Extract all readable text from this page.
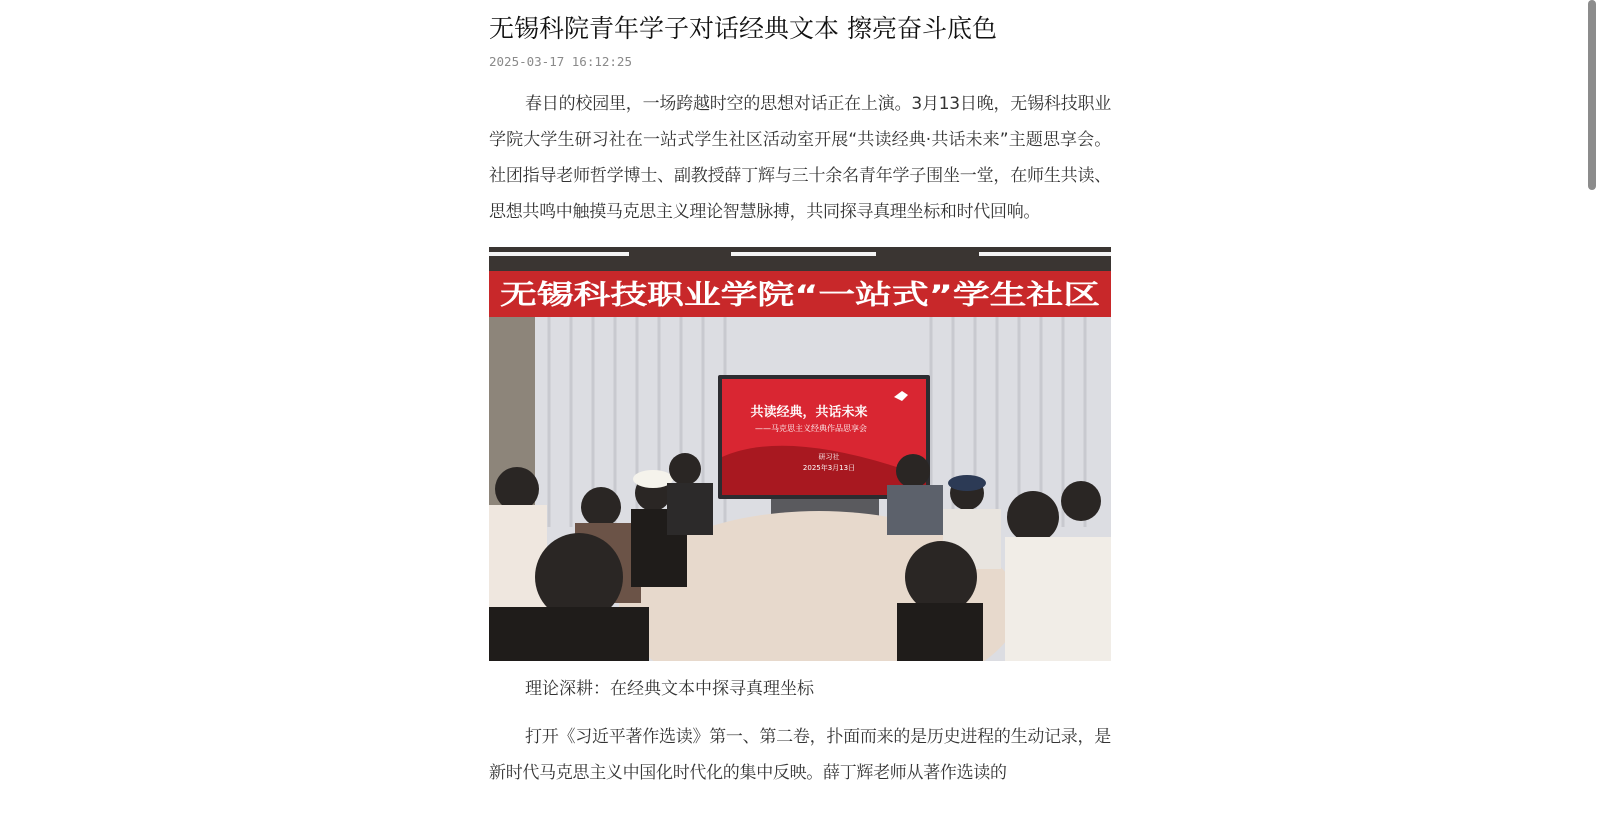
无锡科院青年学子对话经典文本 擦亮奋斗底色
2025-03-17 16:12:25

春日的校园里，一场跨越时空的思想对话正在上演。3月13日晚，无锡科技职业学院大学生研习社在一站式学生社区活动室开展“共读经典·共话未来”主题思享会。社团指导老师哲学博士、副教授薛丁辉与三十余名青年学子围坐一堂，在师生共读、思想共鸣中触摸马克思主义理论智慧脉搏，共同探寻真理坐标和时代回响。

无锡科技职业学院“一站式”学生社区
共读经典，共话未来
——马克思主义经典作品思享会
研习社
2025年3月13日
理论深耕：在经典文本中探寻真理坐标

打开《习近平著作选读》第一、第二卷，扑面而来的是历史进程的生动记录，是新时代马克思主义中国化时代化的集中反映。薛丁辉老师从著作选读的
